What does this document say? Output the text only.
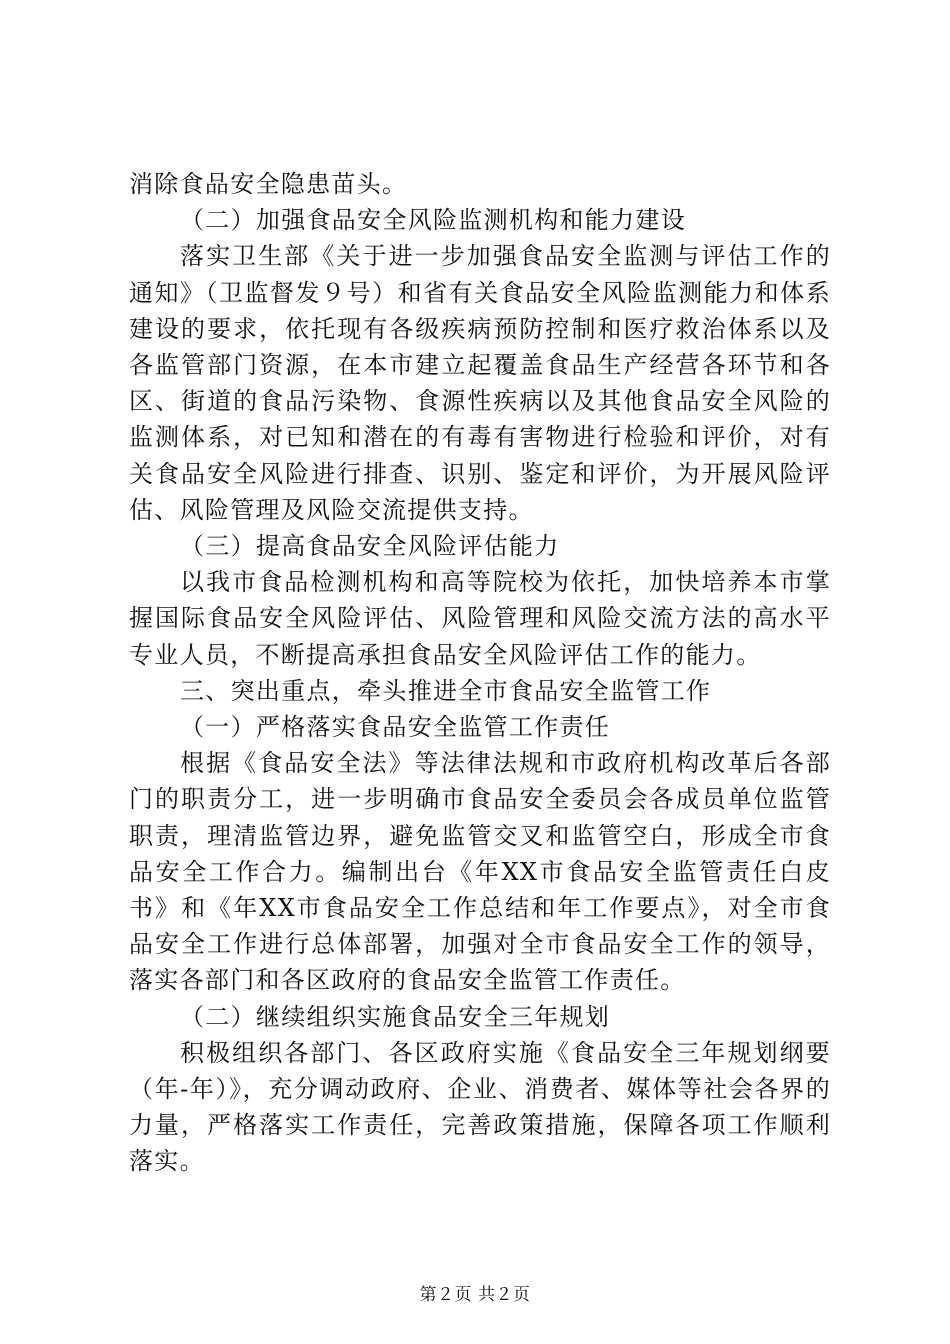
消除食品安全隐患苗头。

（二）加强食品安全风险监测机构和能力建设

落实卫生部《关于进一步加强食品安全监测与评估工作的通知》（卫监督发９号）和省有关食品安全风险监测能力和体系建设的要求，依托现有各级疾病预防控制和医疗救治体系以及各监管部门资源，在本市建立起覆盖食品生产经营各环节和各区、街道的食品污染物、食源性疾病以及其他食品安全风险的监测体系，对已知和潜在的有毒有害物进行检验和评价，对有关食品安全风险进行排查、识别、鉴定和评价，为开展风险评估、风险管理及风险交流提供支持。

（三）提高食品安全风险评估能力

以我市食品检测机构和高等院校为依托，加快培养本市掌握国际食品安全风险评估、风险管理和风险交流方法的高水平专业人员，不断提高承担食品安全风险评估工作的能力。

三、突出重点，牵头推进全市食品安全监管工作

（一）严格落实食品安全监管工作责任

根据《食品安全法》等法律法规和市政府机构改革后各部门的职责分工，进一步明确市食品安全委员会各成员单位监管职责，理清监管边界，避免监管交叉和监管空白，形成全市食品安全工作合力。编制出台《年XX市食品安全监管责任白皮书》和《年XX市食品安全工作总结和年工作要点》，对全市食品安全工作进行总体部署，加强对全市食品安全工作的领导，落实各部门和各区政府的食品安全监管工作责任。

（二）继续组织实施食品安全三年规划

积极组织各部门、各区政府实施《食品安全三年规划纲要（年-年）》，充分调动政府、企业、消费者、媒体等社会各界的力量，严格落实工作责任，完善政策措施，保障各项工作顺利落实。

第２页 共２页
